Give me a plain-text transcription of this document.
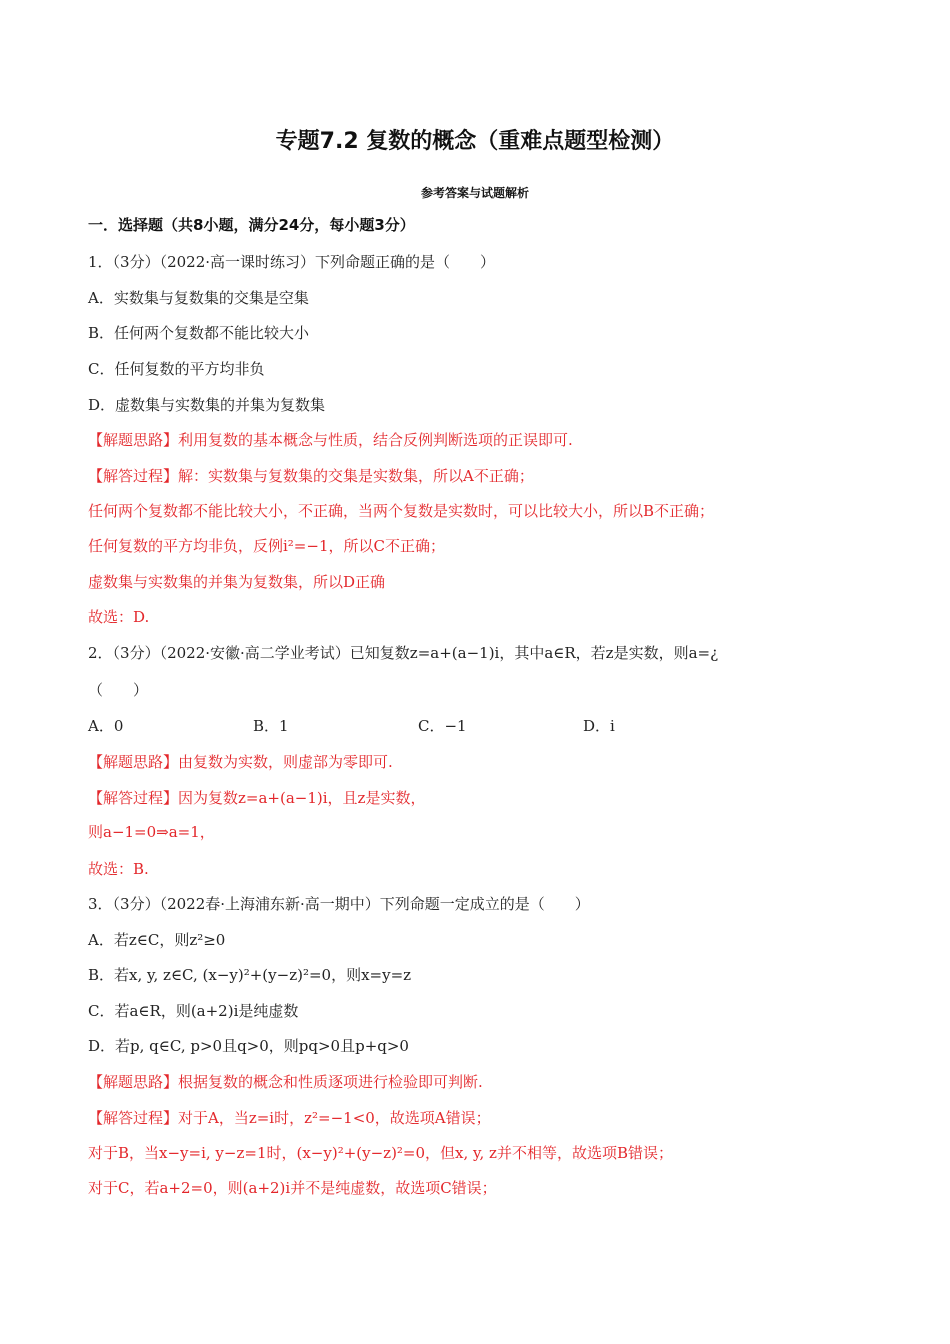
专题7.2 复数的概念（重难点题型检测）
参考答案与试题解析
一．选择题（共8小题，满分24分，每小题3分）
1．（3分）（2022·高一课时练习）下列命题正确的是（　　）
A．实数集与复数集的交集是空集
B．任何两个复数都不能比较大小
C．任何复数的平方均非负
D．虚数集与实数集的并集为复数集
【解题思路】利用复数的基本概念与性质，结合反例判断选项的正误即可.
【解答过程】解：实数集与复数集的交集是实数集，所以A不正确；
任何两个复数都不能比较大小，不正确，当两个复数是实数时，可以比较大小，所以B不正确；
任何复数的平方均非负，反例i²=−1，所以C不正确；
虚数集与实数集的并集为复数集，所以D正确
故选：D.
2．（3分）（2022·安徽·高二学业考试）已知复数z=a+(a−1)i，其中a∈R，若z是实数，则a=¿
（　　）
【解题思路】由复数为实数，则虚部为零即可.
【解答过程】因为复数z=a+(a−1)i，且z是实数，
则a−1=0⇒a=1，
故选：B.
3．（3分）（2022春·上海浦东新·高一期中）下列命题一定成立的是（　　）
A．若z∈C，则z²≥0
B．若x, y, z∈C, (x−y)²+(y−z)²=0，则x=y=z
C．若a∈R，则(a+2)i是纯虚数
D．若p, q∈C, p>0且q>0，则pq>0且p+q>0
【解题思路】根据复数的概念和性质逐项进行检验即可判断.
【解答过程】对于A，当z=i时，z²=−1<0，故选项A错误；
对于B，当x−y=i, y−z=1时，(x−y)²+(y−z)²=0，但x, y, z并不相等，故选项B错误；
对于C，若a+2=0，则(a+2)i并不是纯虚数，故选项C错误；
A．0	B．1	C．−1	D．i
